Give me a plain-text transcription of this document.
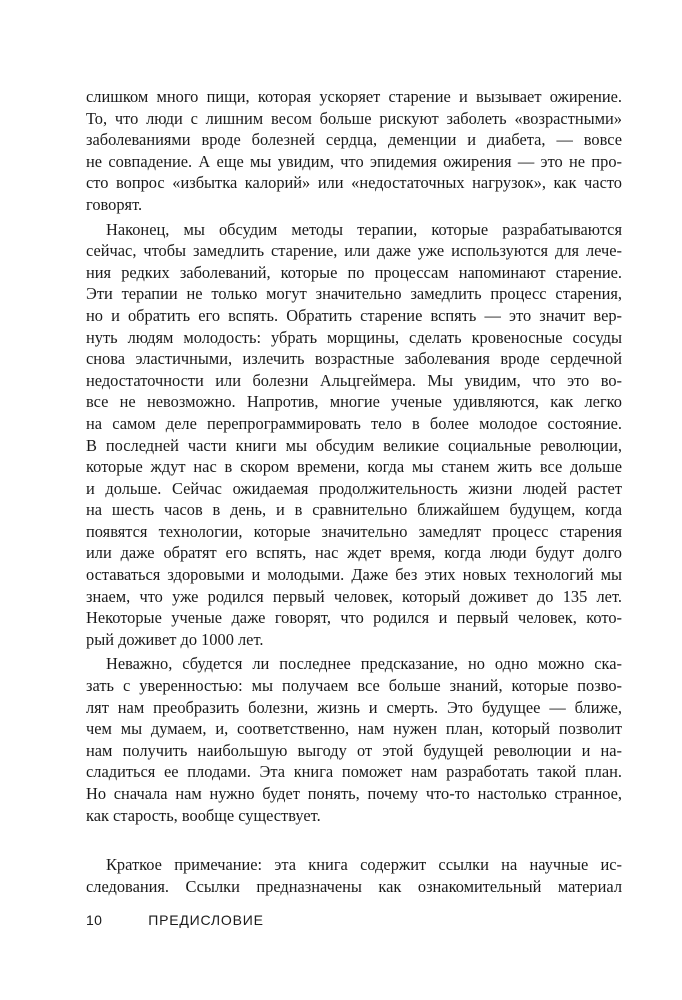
слишком много пищи, которая ускоряет старение и вызывает ожирение.
То, что люди с лишним весом больше рискуют заболеть «возрастными»
заболеваниями вроде болезней сердца, деменции и диабета, — вовсе
не совпадение. А еще мы увидим, что эпидемия ожирения — это не про-
сто вопрос «избытка калорий» или «недостаточных нагрузок», как часто
говорят.
Наконец, мы обсудим методы терапии, которые разрабатываются
сейчас, чтобы замедлить старение, или даже уже используются для лече-
ния редких заболеваний, которые по процессам напоминают старение.
Эти терапии не только могут значительно замедлить процесс старения,
но и обратить его вспять. Обратить старение вспять — это значит вер-
нуть людям молодость: убрать морщины, сделать кровеносные сосуды
снова эластичными, излечить возрастные заболевания вроде сердечной
недостаточности или болезни Альцгеймера. Мы увидим, что это во-
все не невозможно. Напротив, многие ученые удивляются, как легко
на самом деле перепрограммировать тело в более молодое состояние.
В последней части книги мы обсудим великие социальные революции,
которые ждут нас в скором времени, когда мы станем жить все дольше
и дольше. Сейчас ожидаемая продолжительность жизни людей растет
на шесть часов в день, и в сравнительно ближайшем будущем, когда
появятся технологии, которые значительно замедлят процесс старения
или даже обратят его вспять, нас ждет время, когда люди будут долго
оставаться здоровыми и молодыми. Даже без этих новых технологий мы
знаем, что уже родился первый человек, который доживет до 135 лет.
Некоторые ученые даже говорят, что родился и первый человек, кото-
рый доживет до 1000 лет.
Неважно, сбудется ли последнее предсказание, но одно можно ска-
зать с уверенностью: мы получаем все больше знаний, которые позво-
лят нам преобразить болезни, жизнь и смерть. Это будущее — ближе,
чем мы думаем, и, соответственно, нам нужен план, который позволит
нам получить наибольшую выгоду от этой будущей революции и на-
сладиться ее плодами. Эта книга поможет нам разработать такой план.
Но сначала нам нужно будет понять, почему что-то настолько странное,
как старость, вообще существует.
Краткое примечание: эта книга содержит ссылки на научные ис-
следования. Ссылки предназначены как ознакомительный материал
10	ПРЕДИСЛОВИЕ
